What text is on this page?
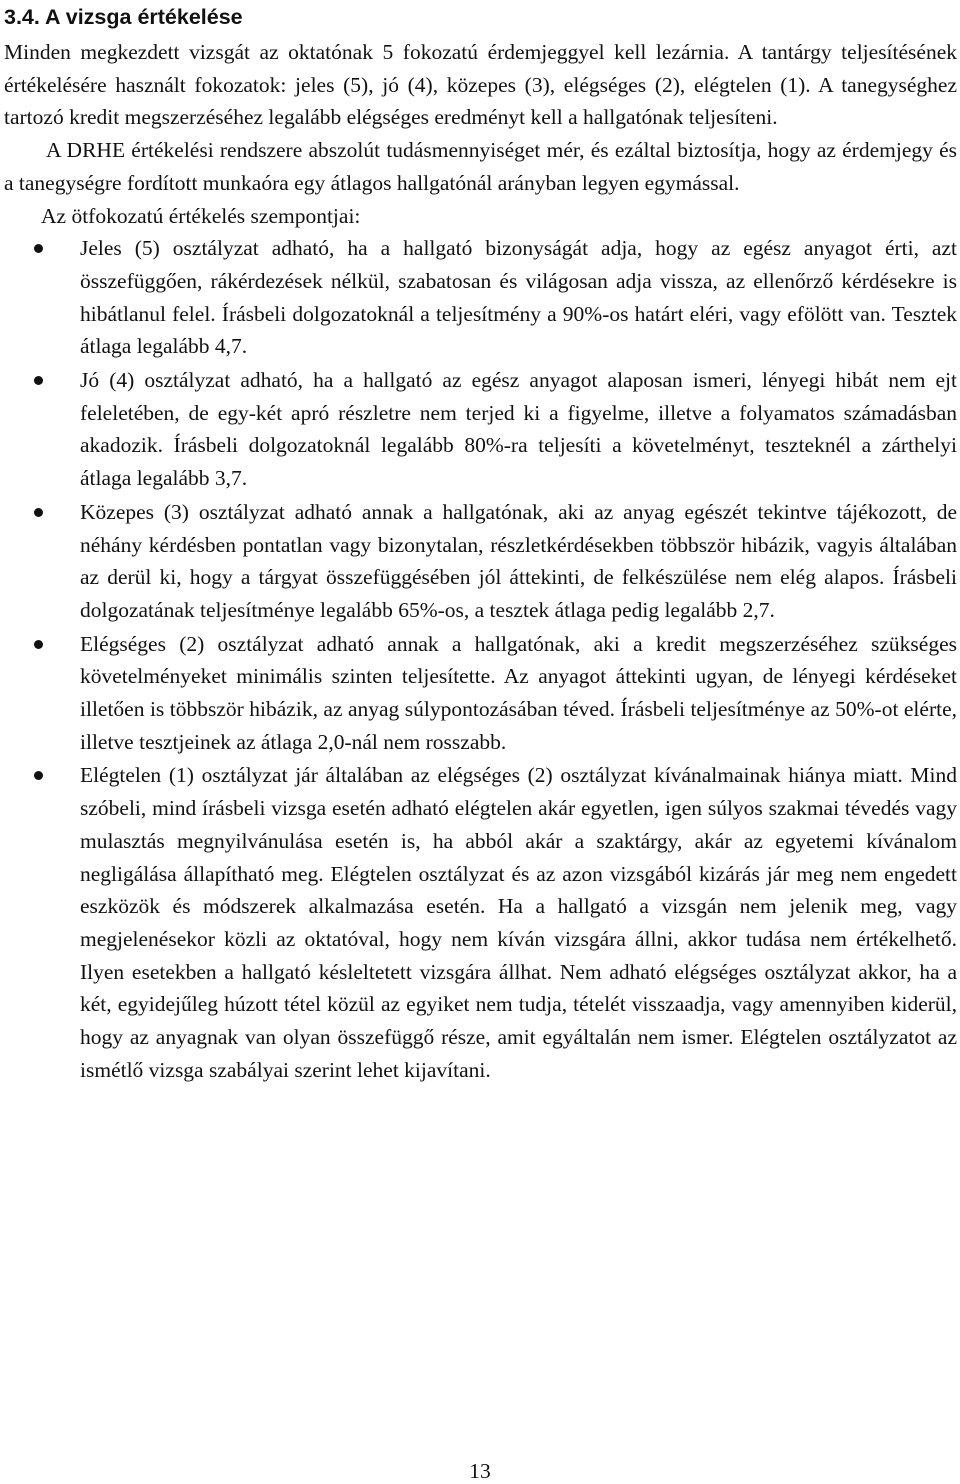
3.4. A vizsga értékelése

Minden megkezdett vizsgát az oktatónak 5 fokozatú érdemjeggyel kell lezárnia. A tantárgy teljesítésének értékelésére használt fokozatok: jeles (5), jó (4), közepes (3), elégséges (2), elégtelen (1). A tanegységhez tartozó kredit megszerzéséhez legalább elégséges eredményt kell a hallgatónak teljesíteni.

A DRHE értékelési rendszere abszolút tudásmennyiséget mér, és ezáltal biztosítja, hogy az érdemjegy és a tanegységre fordított munkaóra egy átlagos hallgatónál arányban legyen egymással.

Az ötfokozatú értékelés szempontjai:

Jeles (5) osztályzat adható, ha a hallgató bizonyságát adja, hogy az egész anyagot érti, azt összefüggően, rákérdezések nélkül, szabatosan és világosan adja vissza, az ellenőrző kérdésekre is hibátlanul felel. Írásbeli dolgozatoknál a teljesítmény a 90%-os határt eléri, vagy efölött van. Tesztek átlaga legalább 4,7.
Jó (4) osztályzat adható, ha a hallgató az egész anyagot alaposan ismeri, lényegi hibát nem ejt feleletében, de egy-két apró részletre nem terjed ki a figyelme, illetve a folyamatos számadásban akadozik. Írásbeli dolgozatoknál legalább 80%-ra teljesíti a követelményt, teszteknél a zárthelyi átlaga legalább 3,7.
Közepes (3) osztályzat adható annak a hallgatónak, aki az anyag egészét tekintve tájékozott, de néhány kérdésben pontatlan vagy bizonytalan, részletkérdésekben többször hibázik, vagyis általában az derül ki, hogy a tárgyat összefüggésében jól áttekinti, de felkészülése nem elég alapos. Írásbeli dolgozatának teljesítménye legalább 65%-os, a tesztek átlaga pedig legalább 2,7.
Elégséges (2) osztályzat adható annak a hallgatónak, aki a kredit megszerzéséhez szükséges követelményeket minimális szinten teljesítette. Az anyagot áttekinti ugyan, de lényegi kérdéseket illetően is többször hibázik, az anyag súlypontozásában téved. Írásbeli teljesítménye az 50%-ot elérte, illetve tesztjeinek az átlaga 2,0-nál nem rosszabb.
Elégtelen (1) osztályzat jár általában az elégséges (2) osztályzat kívánalmainak hiánya miatt. Mind szóbeli, mind írásbeli vizsga esetén adható elégtelen akár egyetlen, igen súlyos szakmai tévedés vagy mulasztás megnyilvánulása esetén is, ha abból akár a szaktárgy, akár az egyetemi kívánalom negligálása állapítható meg. Elégtelen osztályzat és az azon vizsgából kizárás jár meg nem engedett eszközök és módszerek alkalmazása esetén. Ha a hallgató a vizsgán nem jelenik meg, vagy megjelenésekor közli az oktatóval, hogy nem kíván vizsgára állni, akkor tudása nem értékelhető. Ilyen esetekben a hallgató késleltetett vizsgára állhat. Nem adható elégséges osztályzat akkor, ha a két, egyidejűleg húzott tétel közül az egyiket nem tudja, tételét visszaadja, vagy amennyiben kiderül, hogy az anyagnak van olyan összefüggő része, amit egyáltalán nem ismer. Elégtelen osztályzatot az ismétlő vizsga szabályai szerint lehet kijavítani.
13
